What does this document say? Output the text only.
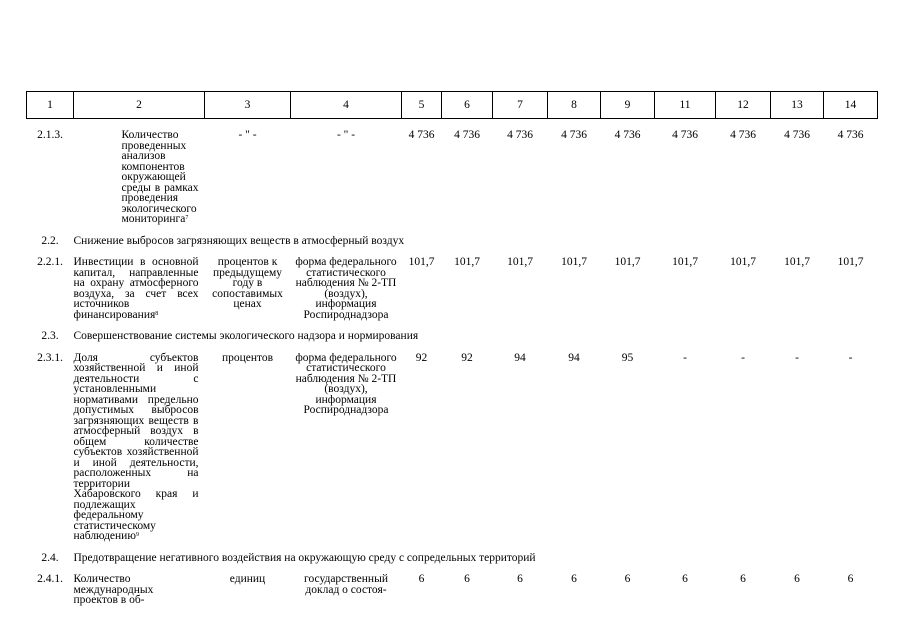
1	2	3	4	5	6	7	8	9	11	12	13	14

2.1.3.	Количество проведенных анализов компонентов окружающей среды в рамках проведения экологического мониторинга$^7$	- " -	- " -	4 736	4 736	4 736	4 736	4 736	4 736	4 736	4 736	4 736

2.2.	Снижение выбросов загрязняющих веществ в атмосферный воздух											

2.2.1.	Инвестиции в основной капитал, направленные на охрану атмосферного воздуха, за счет всех источников финансирования$^8$	процентов к предыдущему году в сопоставимых ценах	форма федерального статистического наблюдения № 2-ТП (воздух), информация Роспироднадзора	101,7	101,7	101,7	101,7	101,7	101,7	101,7	101,7	101,7

2.3.	Совершенствование системы экологического надзора и нормирования											

2.3.1.	Доля субъектов хозяйственной и иной деятельности с установленными нормативами предельно допустимых выбросов загрязняющих веществ в атмосферный воздух в общем количестве субъектов хозяйственной и иной деятельности, расположенных на территории Хабаровского края и подлежащих федеральному статистическому наблюдению$^9$	процентов	форма федерального статистического наблюдения № 2-ТП (воздух), информация Роспироднадзора	92	92	94	94	95	-	-	-	-

2.4.	Предотвращение негативного воздействия на окружающую среду с сопредельных территорий											

2.4.1.	Количество международных проектов в об-	единиц	государственный доклад о состоя-	6	6	6	6	6	6	6	6	6
